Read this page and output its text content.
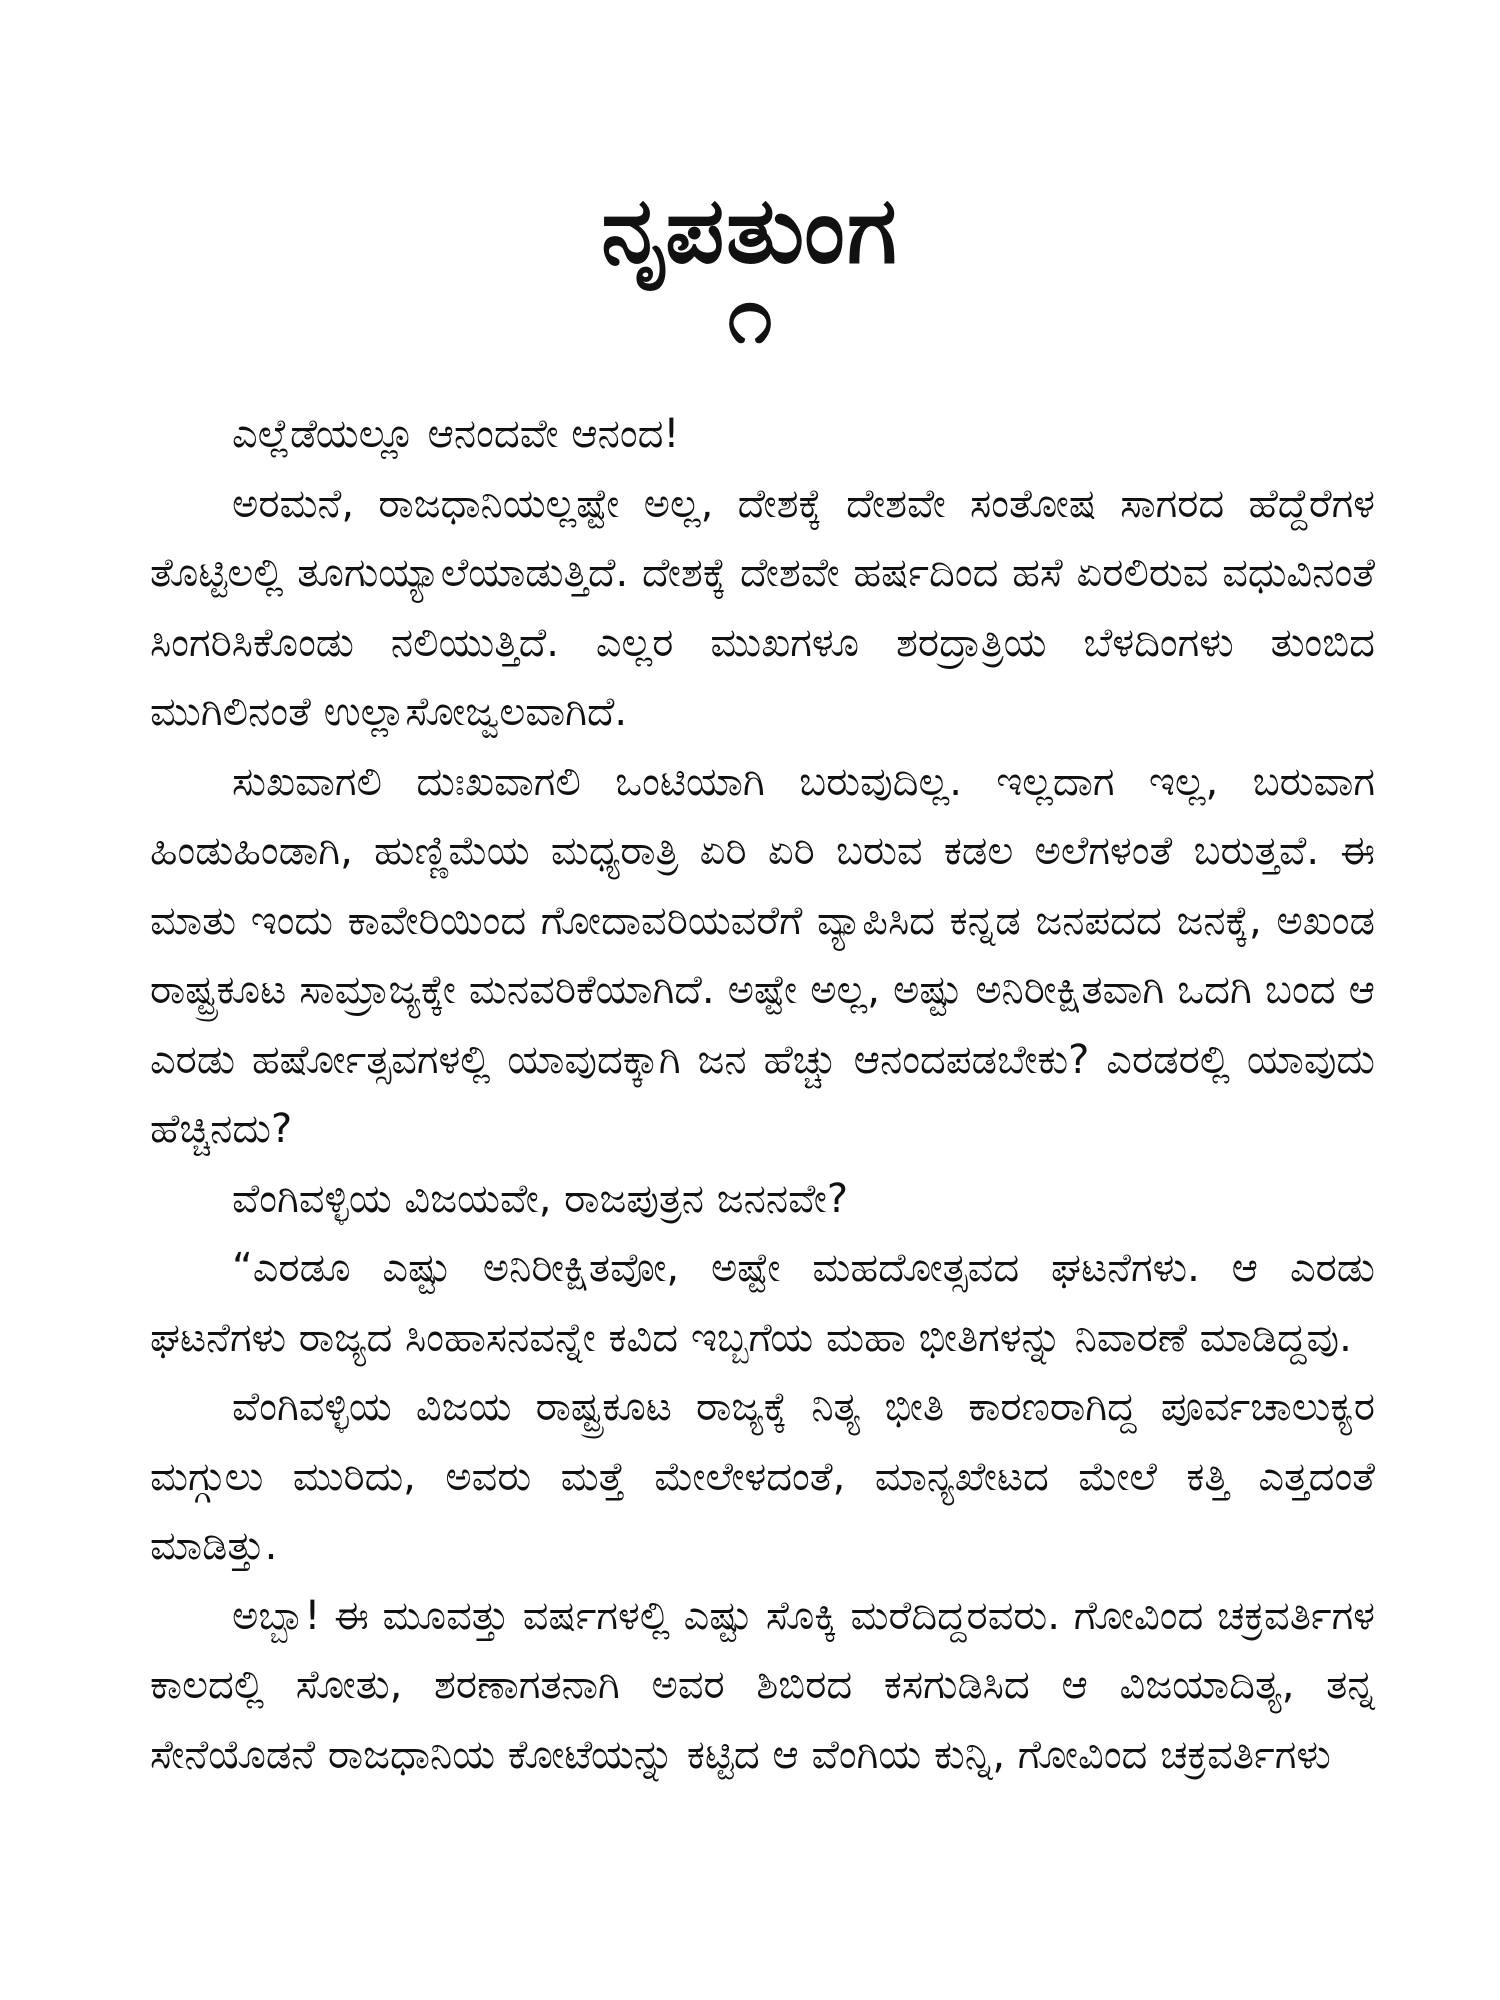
ನೃಪತುಂಗ
೧

ಎಲ್ಲೆಡೆಯಲ್ಲೂ ಆನಂದವೇ ಆನಂದ!

ಅರಮನೆ, ರಾಜಧಾನಿಯಲ್ಲಷ್ಟೇ ಅಲ್ಲ, ದೇಶಕ್ಕೆ ದೇಶವೇ ಸಂತೋಷ ಸಾಗರದ ಹೆದ್ದೆರೆಗಳ ತೊಟ್ಟಿಲಲ್ಲಿ ತೂಗುಯ್ಯಾಲೆಯಾಡುತ್ತಿದೆ. ದೇಶಕ್ಕೆ ದೇಶವೇ ಹರ್ಷದಿಂದ ಹಸೆ ಏರಲಿರುವ ವಧುವಿನಂತೆ ಸಿಂಗರಿಸಿಕೊಂಡು ನಲಿಯುತ್ತಿದೆ. ಎಲ್ಲರ ಮುಖಗಳೂ ಶರದ್ರಾತ್ರಿಯ ಬೆಳದಿಂಗಳು ತುಂಬಿದ ಮುಗಿಲಿನಂತೆ ಉಲ್ಲಾಸೋಜ್ವಲವಾಗಿದೆ.

ಸುಖವಾಗಲಿ ದುಃಖವಾಗಲಿ ಒಂಟಿಯಾಗಿ ಬರುವುದಿಲ್ಲ. ಇಲ್ಲದಾಗ ಇಲ್ಲ, ಬರುವಾಗ ಹಿಂಡುಹಿಂಡಾಗಿ, ಹುಣ್ಣಿಮೆಯ ಮಧ್ಯರಾತ್ರಿ ಏರಿ ಏರಿ ಬರುವ ಕಡಲ ಅಲೆಗಳಂತೆ ಬರುತ್ತವೆ. ಈ ಮಾತು ಇಂದು ಕಾವೇರಿಯಿಂದ ಗೋದಾವರಿಯವರೆಗೆ ವ್ಯಾಪಿಸಿದ ಕನ್ನಡ ಜನಪದದ ಜನಕ್ಕೆ, ಅಖಂಡ ರಾಷ್ಟ್ರಕೂಟ ಸಾಮ್ರಾಜ್ಯಕ್ಕೇ ಮನವರಿಕೆಯಾಗಿದೆ. ಅಷ್ಟೇ ಅಲ್ಲ, ಅಷ್ಟು ಅನಿರೀಕ್ಷಿತವಾಗಿ ಒದಗಿ ಬಂದ ಆ ಎರಡು ಹರ್ಷೋತ್ಸವಗಳಲ್ಲಿ ಯಾವುದಕ್ಕಾಗಿ ಜನ ಹೆಚ್ಚು ಆನಂದಪಡಬೇಕು? ಎರಡರಲ್ಲಿ ಯಾವುದು ಹೆಚ್ಚಿನದು?

ವೆಂಗಿವಳ್ಳಿಯ ವಿಜಯವೇ, ರಾಜಪುತ್ರನ ಜನನವೇ?

“ಎರಡೂ ಎಷ್ಟು ಅನಿರೀಕ್ಷಿತವೋ, ಅಷ್ಟೇ ಮಹದೋತ್ಸವದ ಘಟನೆಗಳು. ಆ ಎರಡು ಘಟನೆಗಳು ರಾಜ್ಯದ ಸಿಂಹಾಸನವನ್ನೇ ಕವಿದ ಇಬ್ಬಗೆಯ ಮಹಾ ಭೀತಿಗಳನ್ನು ನಿವಾರಣೆ ಮಾಡಿದ್ದವು.

ವೆಂಗಿವಳ್ಳಿಯ ವಿಜಯ ರಾಷ್ಟ್ರಕೂಟ ರಾಜ್ಯಕ್ಕೆ ನಿತ್ಯ ಭೀತಿ ಕಾರಣರಾಗಿದ್ದ ಪೂರ್ವಚಾಲುಕ್ಯರ ಮಗ್ಗುಲು ಮುರಿದು, ಅವರು ಮತ್ತೆ ಮೇಲೇಳದಂತೆ, ಮಾನ್ಯಖೇಟದ ಮೇಲೆ ಕತ್ತಿ ಎತ್ತದಂತೆ ಮಾಡಿತ್ತು.

ಅಬ್ಬಾ! ಈ ಮೂವತ್ತು ವರ್ಷಗಳಲ್ಲಿ ಎಷ್ಟು ಸೊಕ್ಕಿ ಮರೆದಿದ್ದರವರು. ಗೋವಿಂದ ಚಕ್ರವರ್ತಿಗಳ ಕಾಲದಲ್ಲಿ ಸೋತು, ಶರಣಾಗತನಾಗಿ ಅವರ ಶಿಬಿರದ ಕಸಗುಡಿಸಿದ ಆ ವಿಜಯಾದಿತ್ಯ, ತನ್ನ ಸೇನೆಯೊಡನೆ ರಾಜಧಾನಿಯ ಕೋಟೆಯನ್ನು ಕಟ್ಟಿದ ಆ ವೆಂಗಿಯ ಕುನ್ನಿ, ಗೋವಿಂದ ಚಕ್ರವರ್ತಿಗಳು
